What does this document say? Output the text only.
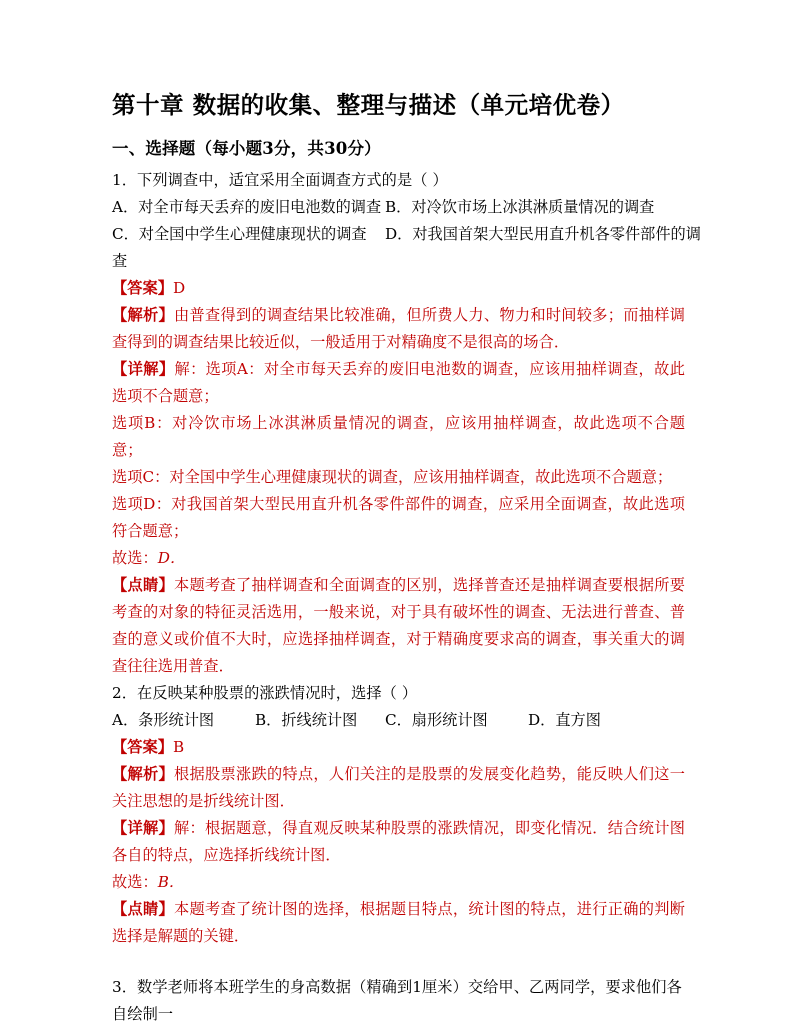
第十章 数据的收集、整理与描述（单元培优卷）
一、选择题（每小题3分，共30分）

1．下列调查中，适宜采用全面调查方式的是（ ）

A．对全市每天丢弃的废旧电池数的调查 B．对冷饮市场上冰淇淋质量情况的调查

C．对全国中学生心理健康现状的调查 D．对我国首架大型民用直升机各零件部件的调

查

【答案】D

【解析】由普查得到的调查结果比较准确，但所费人力、物力和时间较多；而抽样调查得到的调查结果比较近似，一般适用于对精确度不是很高的场合．

【详解】解：选项A：对全市每天丢弃的废旧电池数的调查，应该用抽样调查，故此选项不合题意；

选项B：对冷饮市场上冰淇淋质量情况的调查，应该用抽样调查，故此选项不合题意；

选项C：对全国中学生心理健康现状的调查，应该用抽样调查，故此选项不合题意；

选项D：对我国首架大型民用直升机各零件部件的调查，应采用全面调查，故此选项符合题意；

故选：D．

【点睛】本题考查了抽样调查和全面调查的区别，选择普查还是抽样调查要根据所要考查的对象的特征灵活选用，一般来说，对于具有破坏性的调查、无法进行普查、普查的意义或价值不大时，应选择抽样调查，对于精确度要求高的调查，事关重大的调查往往选用普查．

2．在反映某种股票的涨跌情况时，选择（ ）

A．条形统计图	B．折线统计图 C．扇形统计图	D．直方图

【答案】B

【解析】根据股票涨跌的特点，人们关注的是股票的发展变化趋势，能反映人们这一关注思想的是折线统计图．

【详解】解：根据题意，得直观反映某种股票的涨跌情况，即变化情况．结合统计图各自的特点，应选择折线统计图．

故选：B．

【点睛】本题考查了统计图的选择，根据题目特点，统计图的特点，进行正确的判断选择是解题的关键．

3．数学老师将本班学生的身高数据（精确到1厘米）交给甲、乙两同学，要求他们各自绘制一
